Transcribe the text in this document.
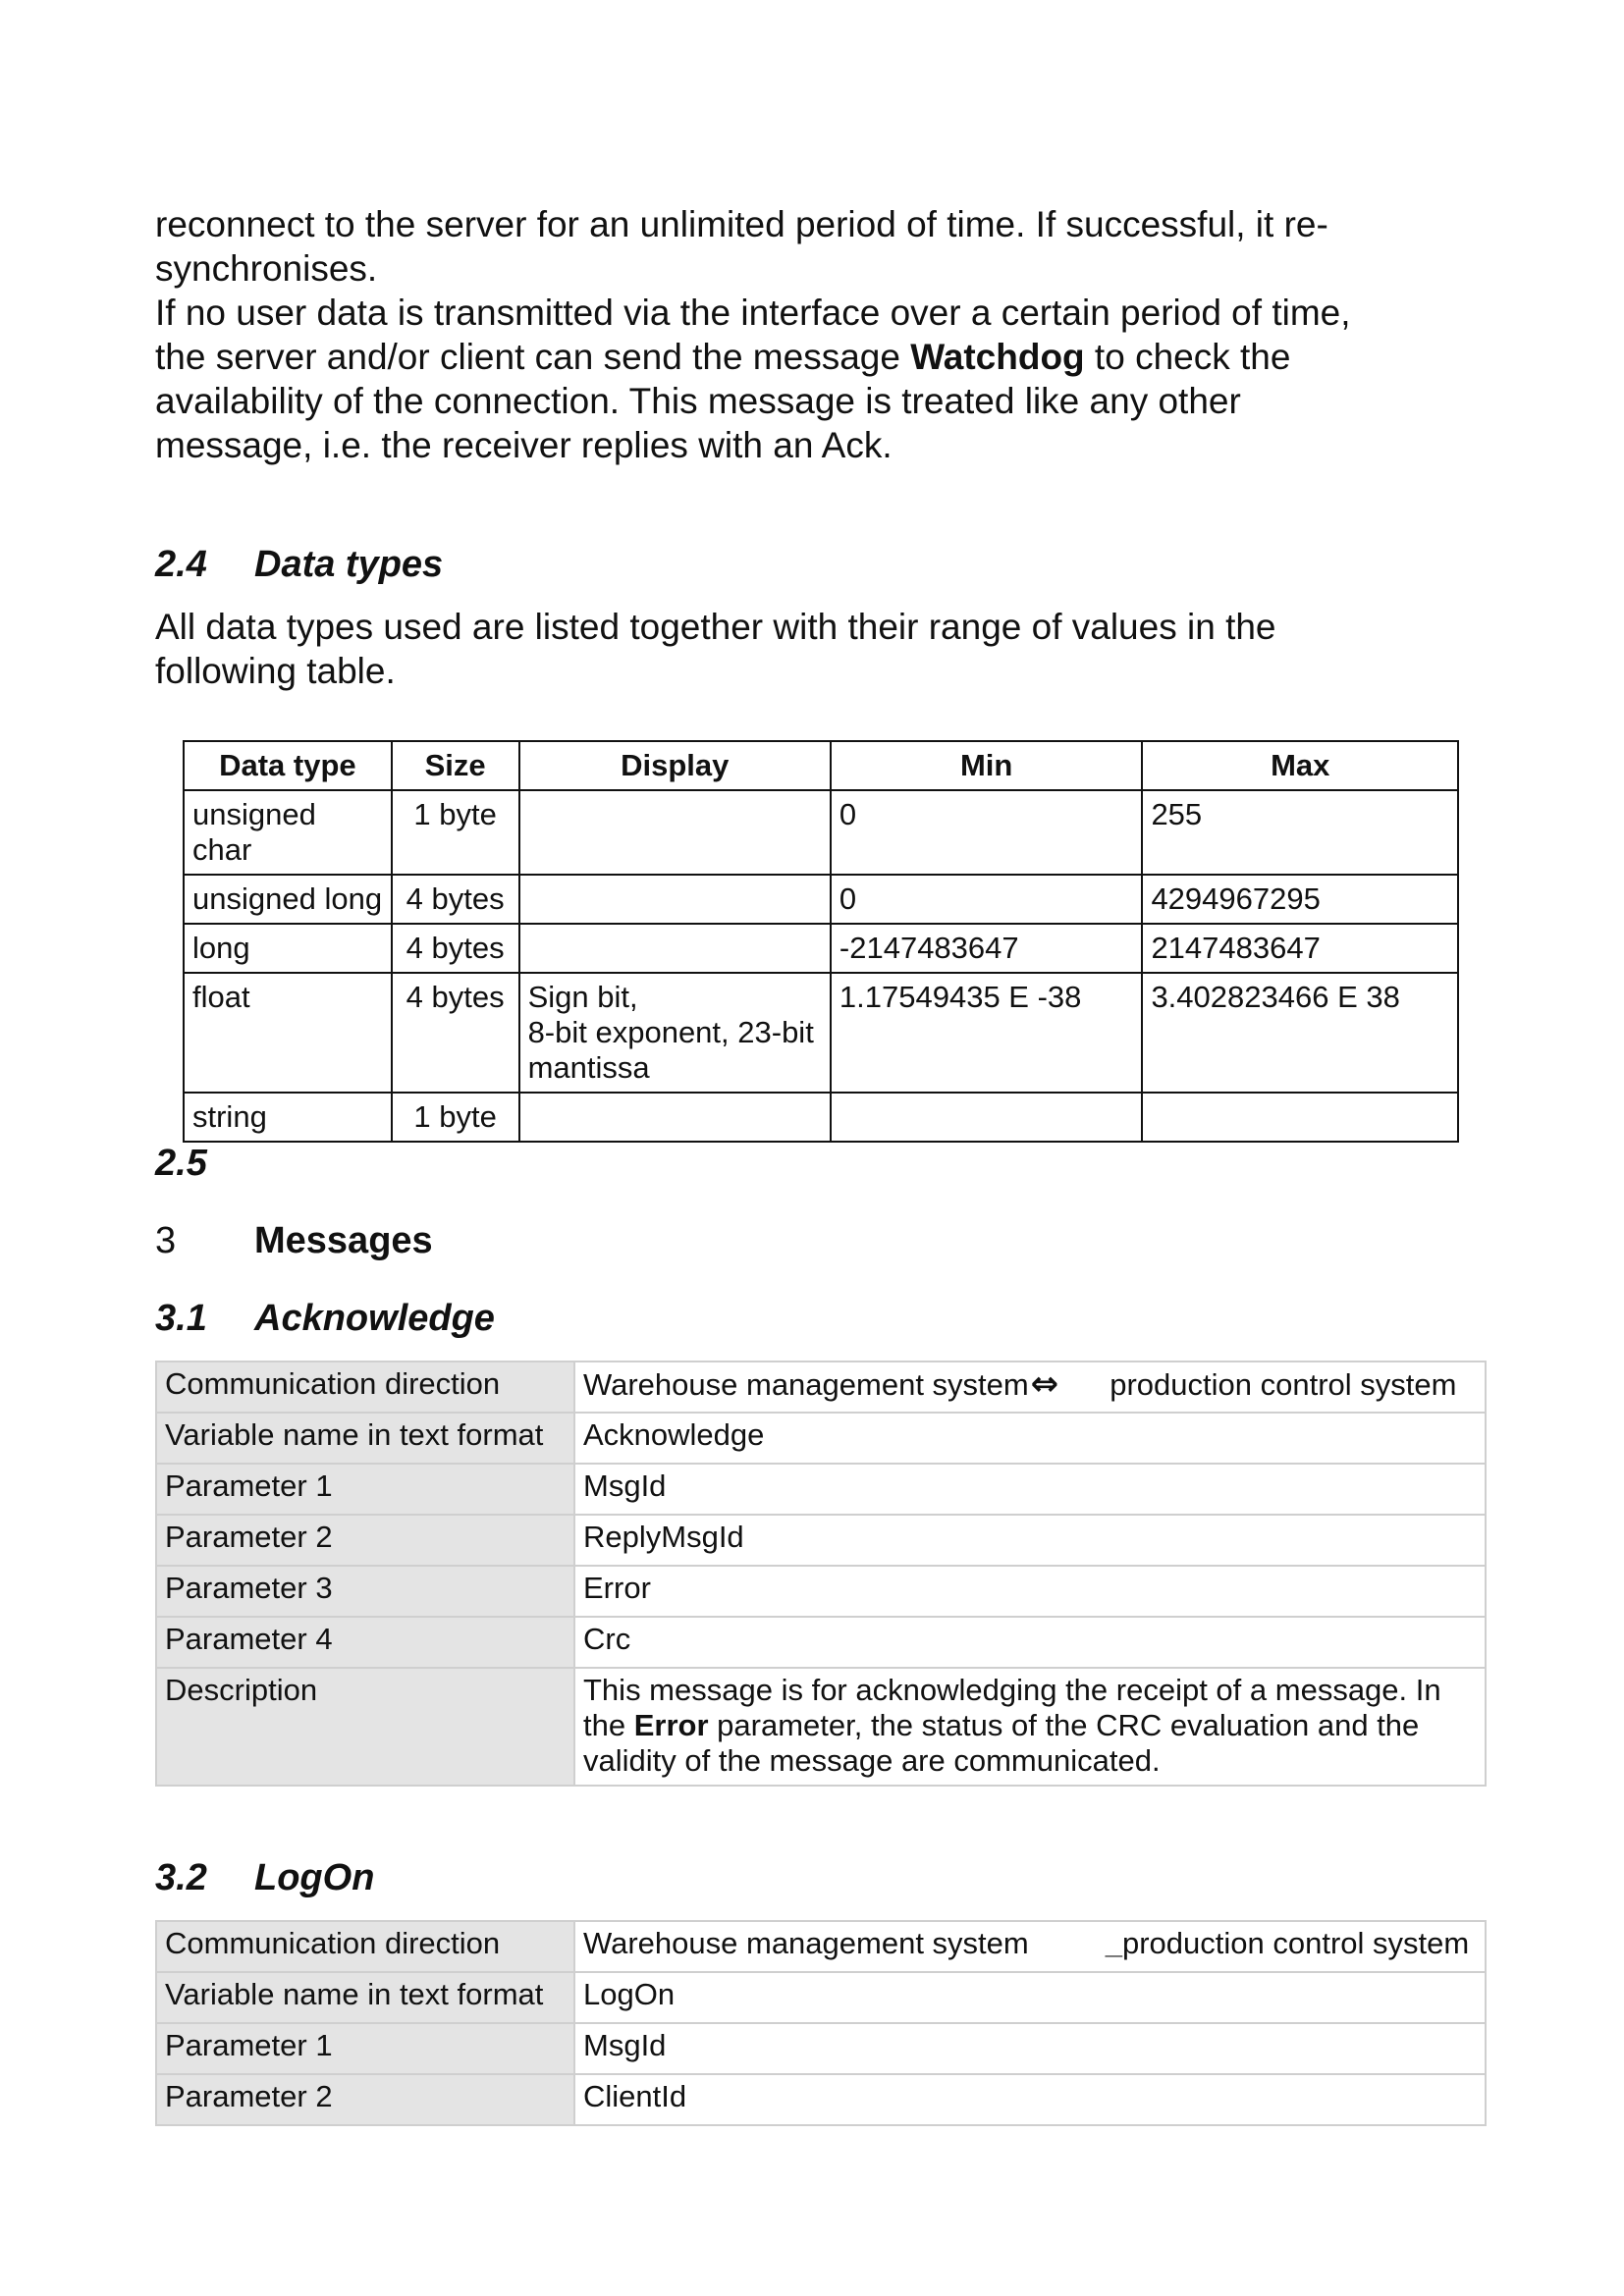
reconnect to the server for an unlimited period of time. If successful, it re-

synchronises.

If no user data is transmitted via the interface over a certain period of time,

the server and/or client can send the message Watchdog to check the

availability of the connection. This message is treated like any other

message, i.e. the receiver replies with an Ack.

2.4	Data types

All data types used are listed together with their range of values in the

following table.

Data type	Size	Display	Min	Max
unsigned char	1 byte		0	255
unsigned long	4 bytes		0	4294967295
long	4 bytes		-2147483647	2147483647
float	4 bytes	Sign bit,
8-bit exponent, 23-bit
mantissa	1.17549435 E -38	3.402823466 E 38
string	1 byte			
2.5
3	Messages
3.1	Acknowledge
Communication direction	Warehouse management system⇔ production control system
Variable name in text format	Acknowledge
Parameter 1	MsgId
Parameter 2	ReplyMsgId
Parameter 3	Error
Parameter 4	Crc
Description	This message is for acknowledging the receipt of a message. In the Error parameter, the status of the CRC evaluation and the validity of the message are communicated.
3.2	LogOn
Communication direction	Warehouse management system _production control system
Variable name in text format	LogOn
Parameter 1	MsgId
Parameter 2	ClientId
